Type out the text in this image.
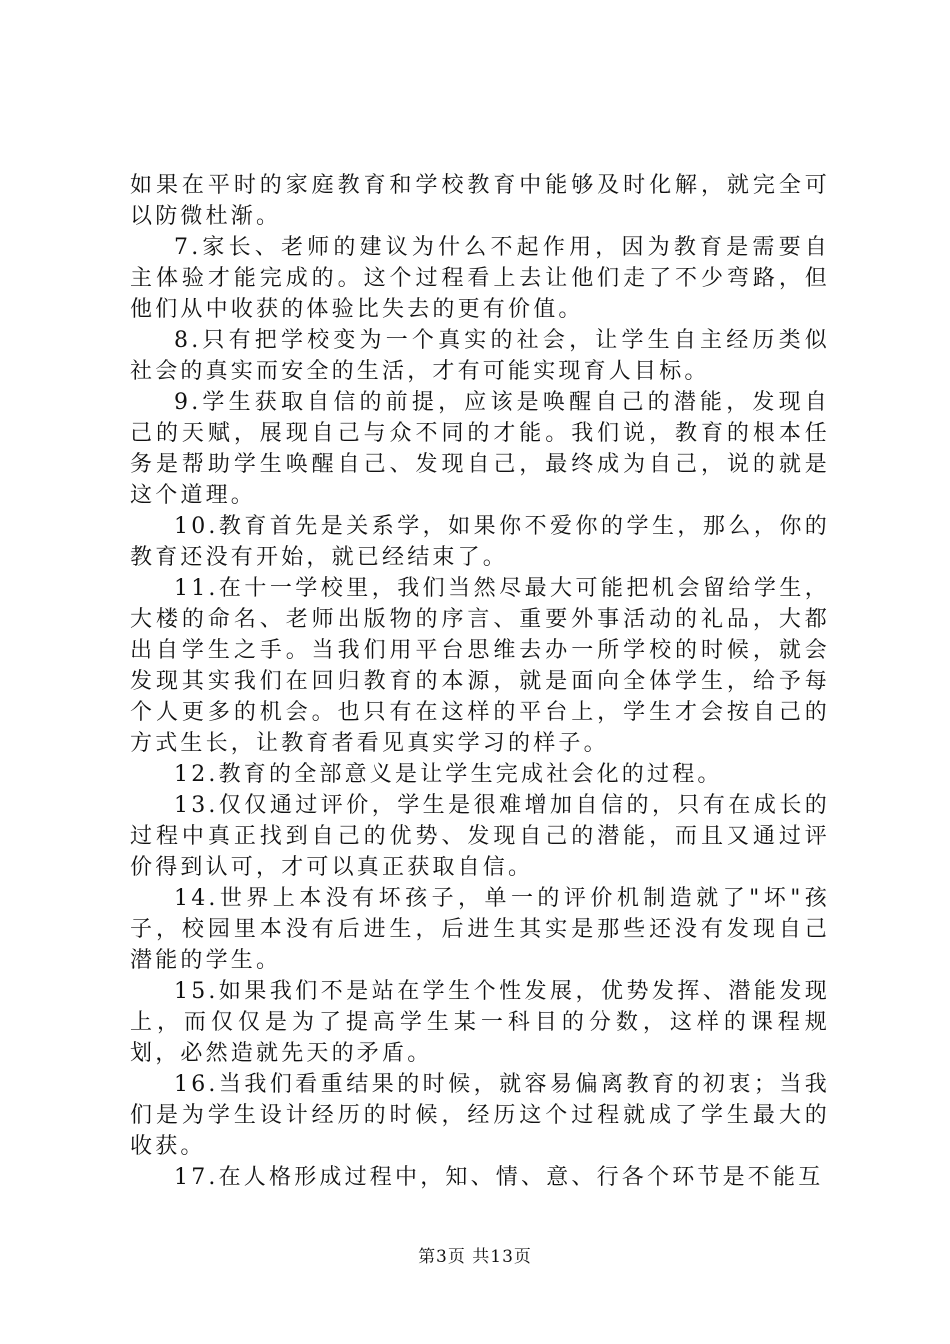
如果在平时的家庭教育和学校教育中能够及时化解，就完全可以防微杜渐。

7.家长、老师的建议为什么不起作用，因为教育是需要自主体验才能完成的。这个过程看上去让他们走了不少弯路，但他们从中收获的体验比失去的更有价值。

8.只有把学校变为一个真实的社会，让学生自主经历类似社会的真实而安全的生活，才有可能实现育人目标。

9.学生获取自信的前提，应该是唤醒自己的潜能，发现自己的天赋，展现自己与众不同的才能。我们说，教育的根本任务是帮助学生唤醒自己、发现自己，最终成为自己，说的就是这个道理。

10.教育首先是关系学，如果你不爱你的学生，那么，你的教育还没有开始，就已经结束了。

11.在十一学校里，我们当然尽最大可能把机会留给学生，大楼的命名、老师出版物的序言、重要外事活动的礼品，大都出自学生之手。当我们用平台思维去办一所学校的时候，就会发现其实我们在回归教育的本源，就是面向全体学生，给予每个人更多的机会。也只有在这样的平台上，学生才会按自己的方式生长，让教育者看见真实学习的样子。

12.教育的全部意义是让学生完成社会化的过程。

13.仅仅通过评价，学生是很难增加自信的，只有在成长的过程中真正找到自己的优势、发现自己的潜能，而且又通过评价得到认可，才可以真正获取自信。

14.世界上本没有坏孩子，单一的评价机制造就了"坏"孩子，校园里本没有后进生，后进生其实是那些还没有发现自己潜能的学生。

15.如果我们不是站在学生个性发展，优势发挥、潜能发现上，而仅仅是为了提高学生某一科目的分数，这样的课程规划，必然造就先天的矛盾。

16.当我们看重结果的时候，就容易偏离教育的初衷；当我们是为学生设计经历的时候，经历这个过程就成了学生最大的收获。

17.在人格形成过程中，知、情、意、行各个环节是不能互

第3页 共13页
